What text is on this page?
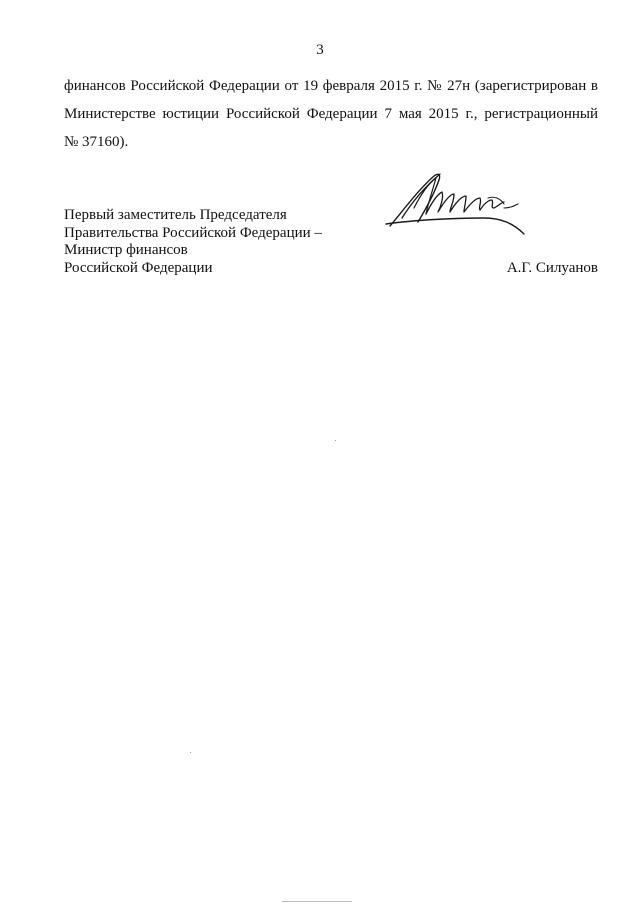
3
финансов Российской Федерации от 19 февраля 2015 г. № 27н (зарегистрирован в
Министерстве юстиции Российской Федерации 7 мая 2015 г., регистрационный
№ 37160).
Первый заместитель Председателя
Правительства Российской Федерации –
Министр финансов
Российской Федерации	А.Г. Силуанов
